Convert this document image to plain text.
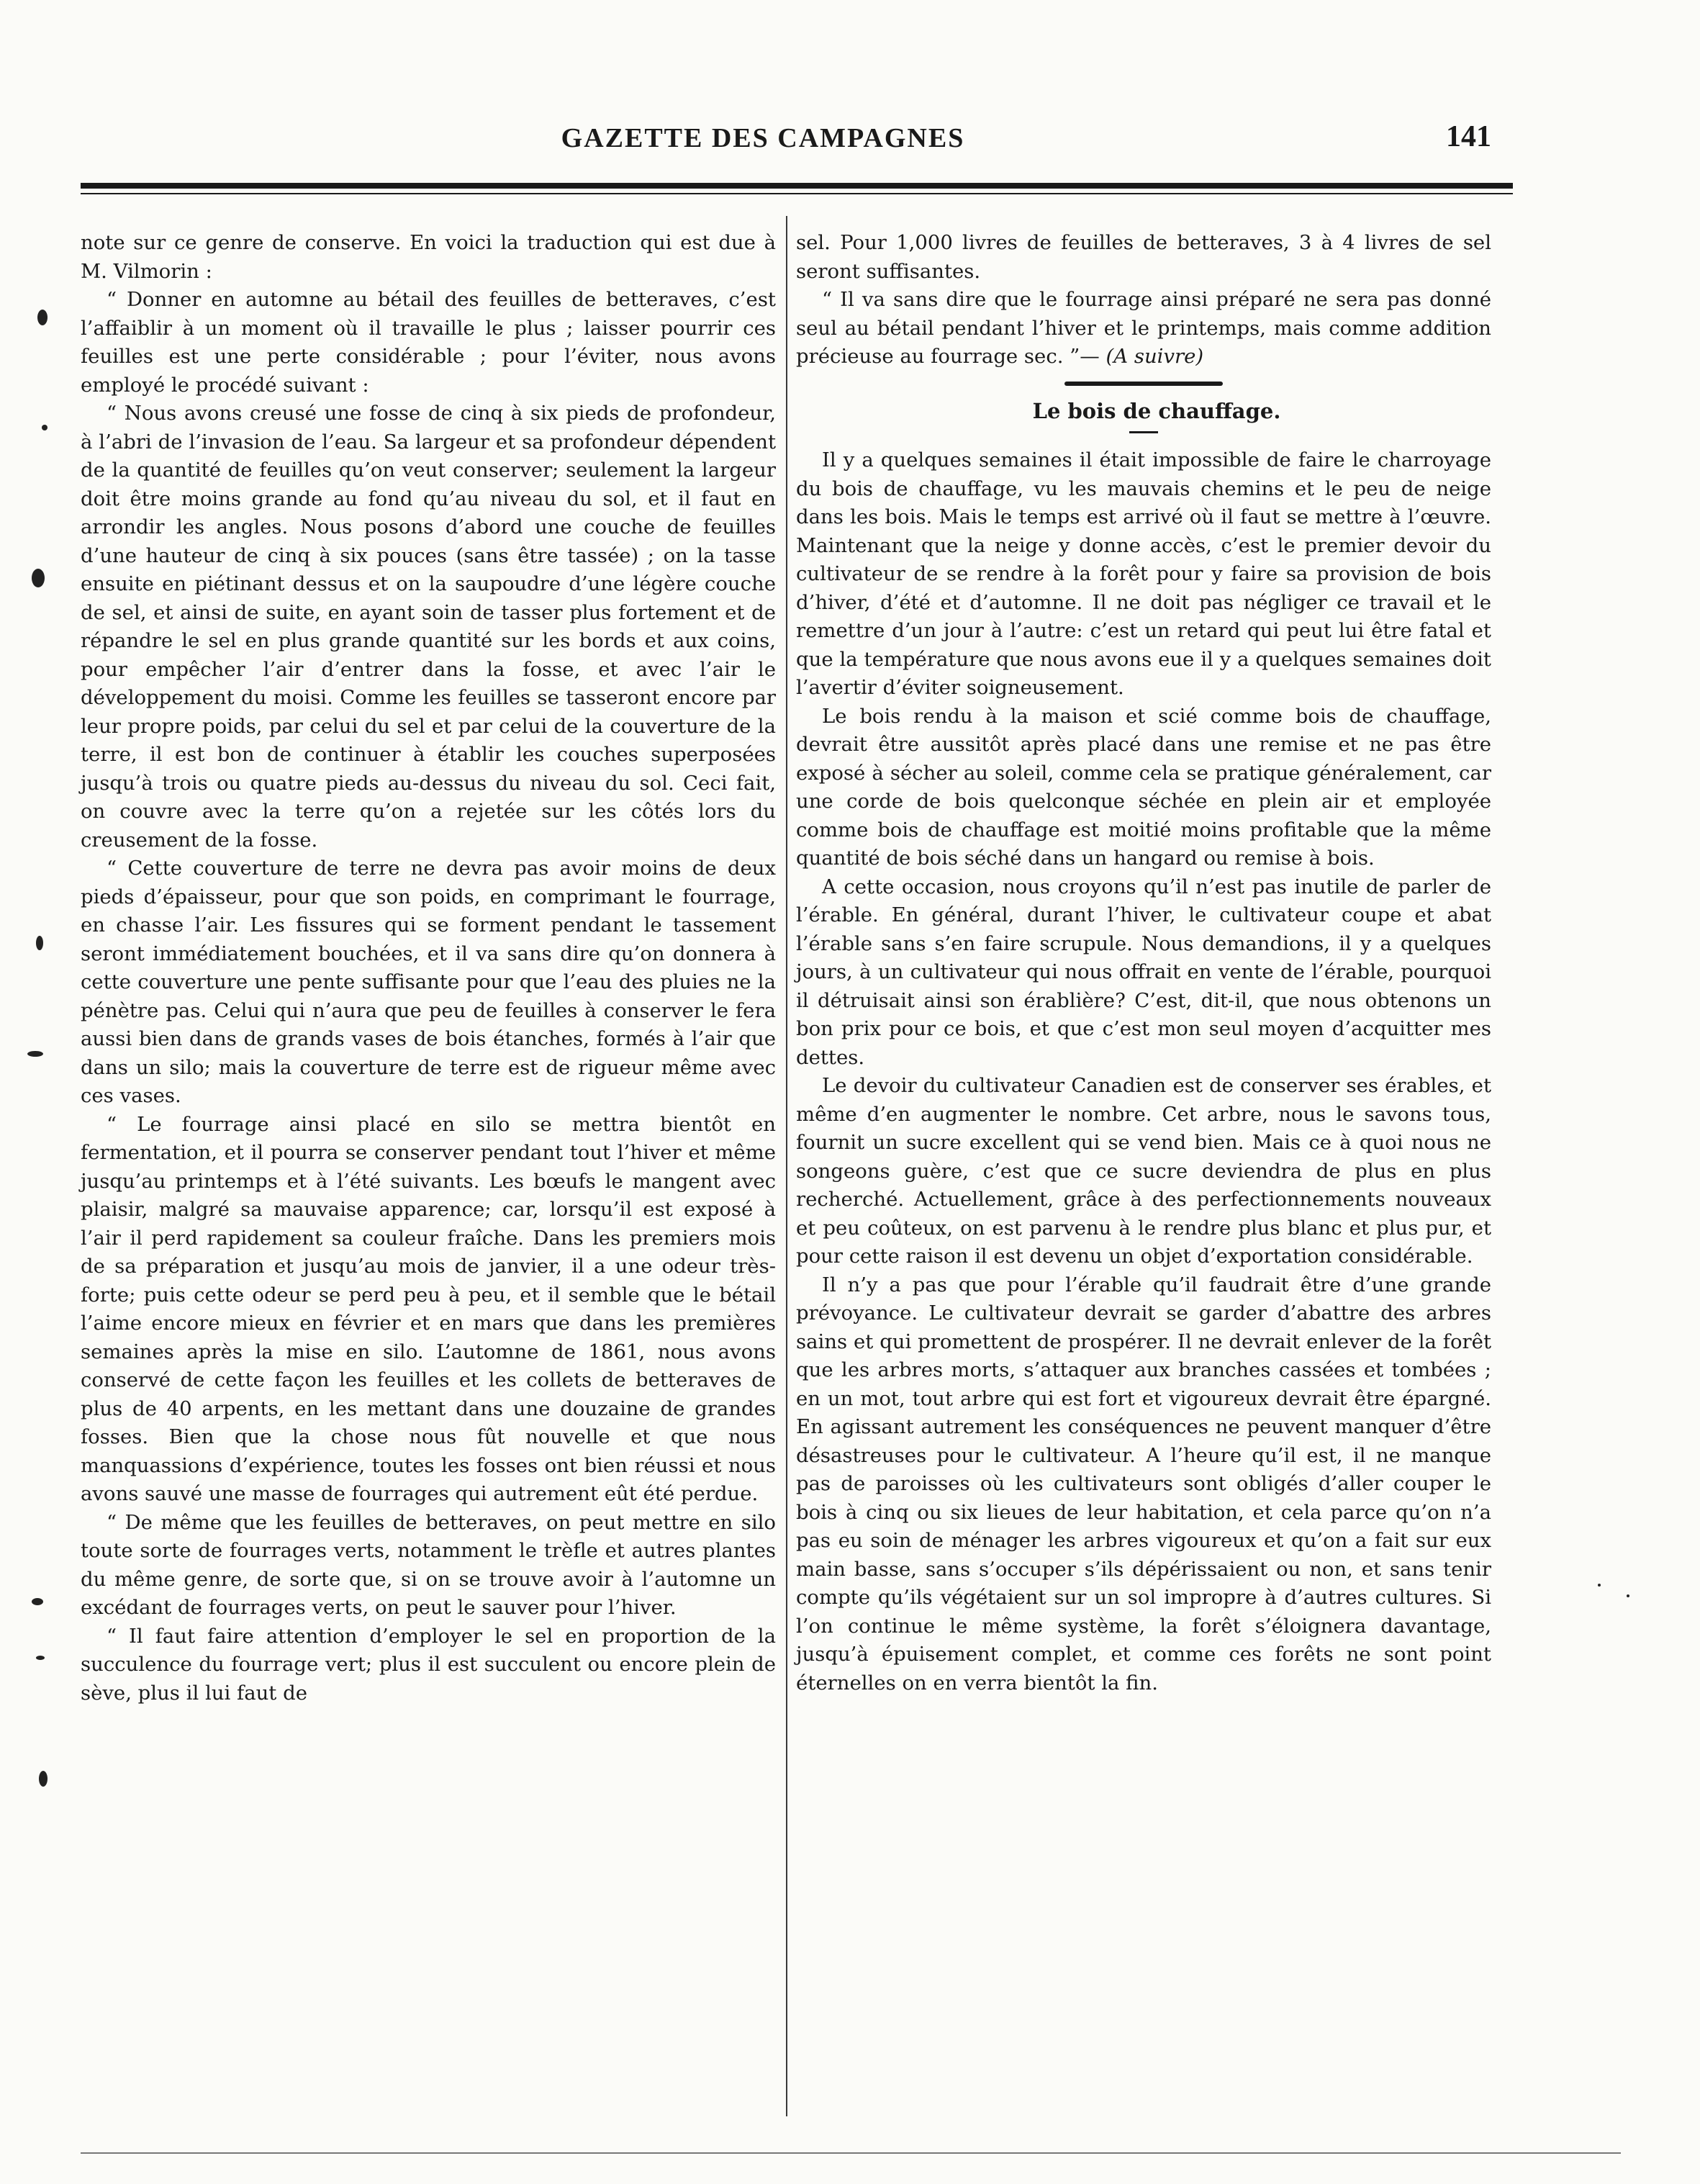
GAZETTE DES CAMPAGNES	141

note sur ce genre de conserve. En voici la traduction qui est due à M. Vilmorin :

“ Donner en automne au bétail des feuilles de betteraves, c’est l’affaiblir à un moment où il travaille le plus ; laisser pourrir ces feuilles est une perte considérable ; pour l’éviter, nous avons employé le procédé suivant :

“ Nous avons creusé une fosse de cinq à six pieds de profondeur, à l’abri de l’invasion de l’eau. Sa largeur et sa profondeur dépendent de la quantité de feuilles qu’on veut conserver; seulement la largeur doit être moins grande au fond qu’au niveau du sol, et il faut en arrondir les angles. Nous posons d’abord une couche de feuilles d’une hauteur de cinq à six pouces (sans être tassée) ; on la tasse ensuite en piétinant dessus et on la saupoudre d’une légère couche de sel, et ainsi de suite, en ayant soin de tasser plus fortement et de répandre le sel en plus grande quantité sur les bords et aux coins, pour empêcher l’air d’entrer dans la fosse, et avec l’air le développement du moisi. Comme les feuilles se tasseront encore par leur propre poids, par celui du sel et par celui de la couverture de la terre, il est bon de continuer à établir les couches superposées jusqu’à trois ou quatre pieds au-dessus du niveau du sol. Ceci fait, on couvre avec la terre qu’on a rejetée sur les côtés lors du creusement de la fosse.

“ Cette couverture de terre ne devra pas avoir moins de deux pieds d’épaisseur, pour que son poids, en comprimant le fourrage, en chasse l’air. Les fissures qui se forment pendant le tassement seront immédiatement bouchées, et il va sans dire qu’on donnera à cette couverture une pente suffisante pour que l’eau des pluies ne la pénètre pas. Celui qui n’aura que peu de feuilles à conserver le fera aussi bien dans de grands vases de bois étanches, formés à l’air que dans un silo; mais la couverture de terre est de rigueur même avec ces vases.

“ Le fourrage ainsi placé en silo se mettra bientôt en fermentation, et il pourra se conserver pendant tout l’hiver et même jusqu’au printemps et à l’été suivants. Les bœufs le mangent avec plaisir, malgré sa mauvaise apparence; car, lorsqu’il est exposé à l’air il perd rapidement sa couleur fraîche. Dans les premiers mois de sa préparation et jusqu’au mois de janvier, il a une odeur très-forte; puis cette odeur se perd peu à peu, et il semble que le bétail l’aime encore mieux en février et en mars que dans les premières semaines après la mise en silo. L’automne de 1861, nous avons conservé de cette façon les feuilles et les collets de betteraves de plus de 40 arpents, en les mettant dans une douzaine de grandes fosses. Bien que la chose nous fût nouvelle et que nous manquassions d’expérience, toutes les fosses ont bien réussi et nous avons sauvé une masse de fourrages qui autrement eût été perdue.

“ De même que les feuilles de betteraves, on peut mettre en silo toute sorte de fourrages verts, notamment le trèfle et autres plantes du même genre, de sorte que, si on se trouve avoir à l’automne un excédant de fourrages verts, on peut le sauver pour l’hiver.

“ Il faut faire attention d’employer le sel en proportion de la succulence du fourrage vert; plus il est succulent ou encore plein de sève, plus il lui faut de

sel. Pour 1,000 livres de feuilles de betteraves, 3 à 4 livres de sel seront suffisantes.

“ Il va sans dire que le fourrage ainsi préparé ne sera pas donné seul au bétail pendant l’hiver et le printemps, mais comme addition précieuse au fourrage sec. ”— (A suivre)

Le bois de chauffage.

Il y a quelques semaines il était impossible de faire le charroyage du bois de chauffage, vu les mauvais chemins et le peu de neige dans les bois. Mais le temps est arrivé où il faut se mettre à l’œuvre. Maintenant que la neige y donne accès, c’est le premier devoir du cultivateur de se rendre à la forêt pour y faire sa provision de bois d’hiver, d’été et d’automne. Il ne doit pas négliger ce travail et le remettre d’un jour à l’autre: c’est un retard qui peut lui être fatal et que la température que nous avons eue il y a quelques semaines doit l’avertir d’éviter soigneusement.

Le bois rendu à la maison et scié comme bois de chauffage, devrait être aussitôt après placé dans une remise et ne pas être exposé à sécher au soleil, comme cela se pratique généralement, car une corde de bois quelconque séchée en plein air et employée comme bois de chauffage est moitié moins profitable que la même quantité de bois séché dans un hangard ou remise à bois.

A cette occasion, nous croyons qu’il n’est pas inutile de parler de l’érable. En général, durant l’hiver, le cultivateur coupe et abat l’érable sans s’en faire scrupule. Nous demandions, il y a quelques jours, à un cultivateur qui nous offrait en vente de l’érable, pourquoi il détruisait ainsi son érablière? C’est, dit-il, que nous obtenons un bon prix pour ce bois, et que c’est mon seul moyen d’acquitter mes dettes.

Le devoir du cultivateur Canadien est de conserver ses érables, et même d’en augmenter le nombre. Cet arbre, nous le savons tous, fournit un sucre excellent qui se vend bien. Mais ce à quoi nous ne songeons guère, c’est que ce sucre deviendra de plus en plus recherché. Actuellement, grâce à des perfectionnements nouveaux et peu coûteux, on est parvenu à le rendre plus blanc et plus pur, et pour cette raison il est devenu un objet d’exportation considérable.

Il n’y a pas que pour l’érable qu’il faudrait être d’une grande prévoyance. Le cultivateur devrait se garder d’abattre des arbres sains et qui promettent de prospérer. Il ne devrait enlever de la forêt que les arbres morts, s’attaquer aux branches cassées et tombées ; en un mot, tout arbre qui est fort et vigoureux devrait être épargné. En agissant autrement les conséquences ne peuvent manquer d’être désastreuses pour le cultivateur. A l’heure qu’il est, il ne manque pas de paroisses où les cultivateurs sont obligés d’aller couper le bois à cinq ou six lieues de leur habitation, et cela parce qu’on n’a pas eu soin de ménager les arbres vigoureux et qu’on a fait sur eux main basse, sans s’occuper s’ils dépérissaient ou non, et sans tenir compte qu’ils végétaient sur un sol impropre à d’autres cultures. Si l’on continue le même système, la forêt s’éloignera davantage, jusqu’à épuisement complet, et comme ces forêts ne sont point éternelles on en verra bientôt la fin.
